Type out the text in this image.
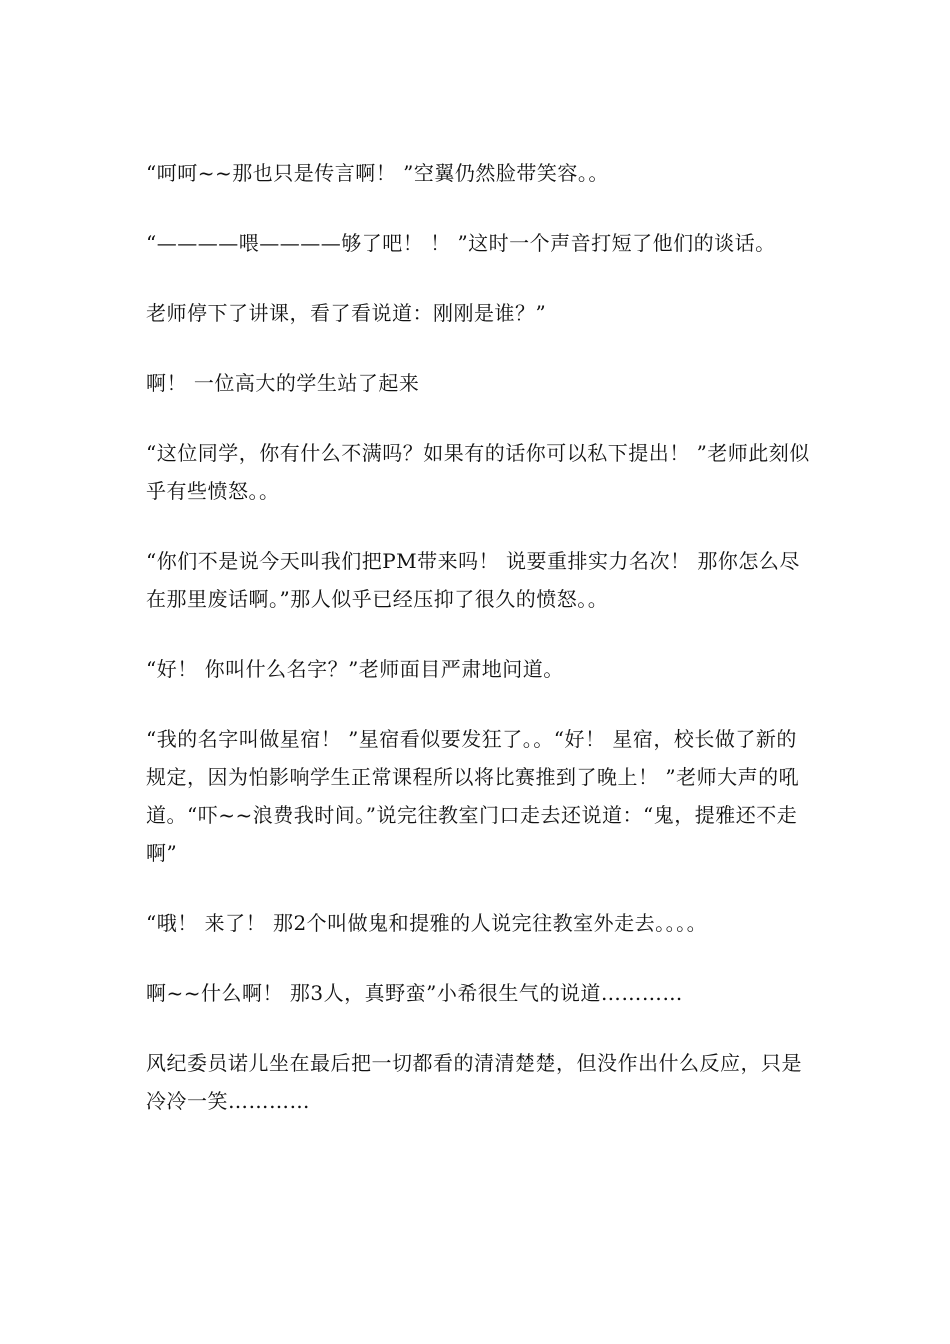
“呵呵~~那也只是传言啊！ ”空翼仍然脸带笑容。。

“————喂————够了吧！ ！ ”这时一个声音打短了他们的谈话。

老师停下了讲课，看了看说道：刚刚是谁？”

啊！ 一位高大的学生站了起来

“这位同学，你有什么不满吗？如果有的话你可以私下提出！ ”老师此刻似乎有些愤怒。。

“你们不是说今天叫我们把PM带来吗！ 说要重排实力名次！ 那你怎么尽在那里废话啊。”那人似乎已经压抑了很久的愤怒。。

“好！ 你叫什么名字？”老师面目严肃地问道。

“我的名字叫做星宿！ ”星宿看似要发狂了。。“好！ 星宿，校长做了新的规定，因为怕影响学生正常课程所以将比赛推到了晚上！ ”老师大声的吼道。“吓~~浪费我时间。”说完往教室门口走去还说道：“鬼，提雅还不走啊”

“哦！ 来了！ 那2个叫做鬼和提雅的人说完往教室外走去。。。。

啊~~什么啊！ 那3人，真野蛮”小希很生气的说道…………

风纪委员诺儿坐在最后把一切都看的清清楚楚，但没作出什么反应，只是冷冷一笑…………
